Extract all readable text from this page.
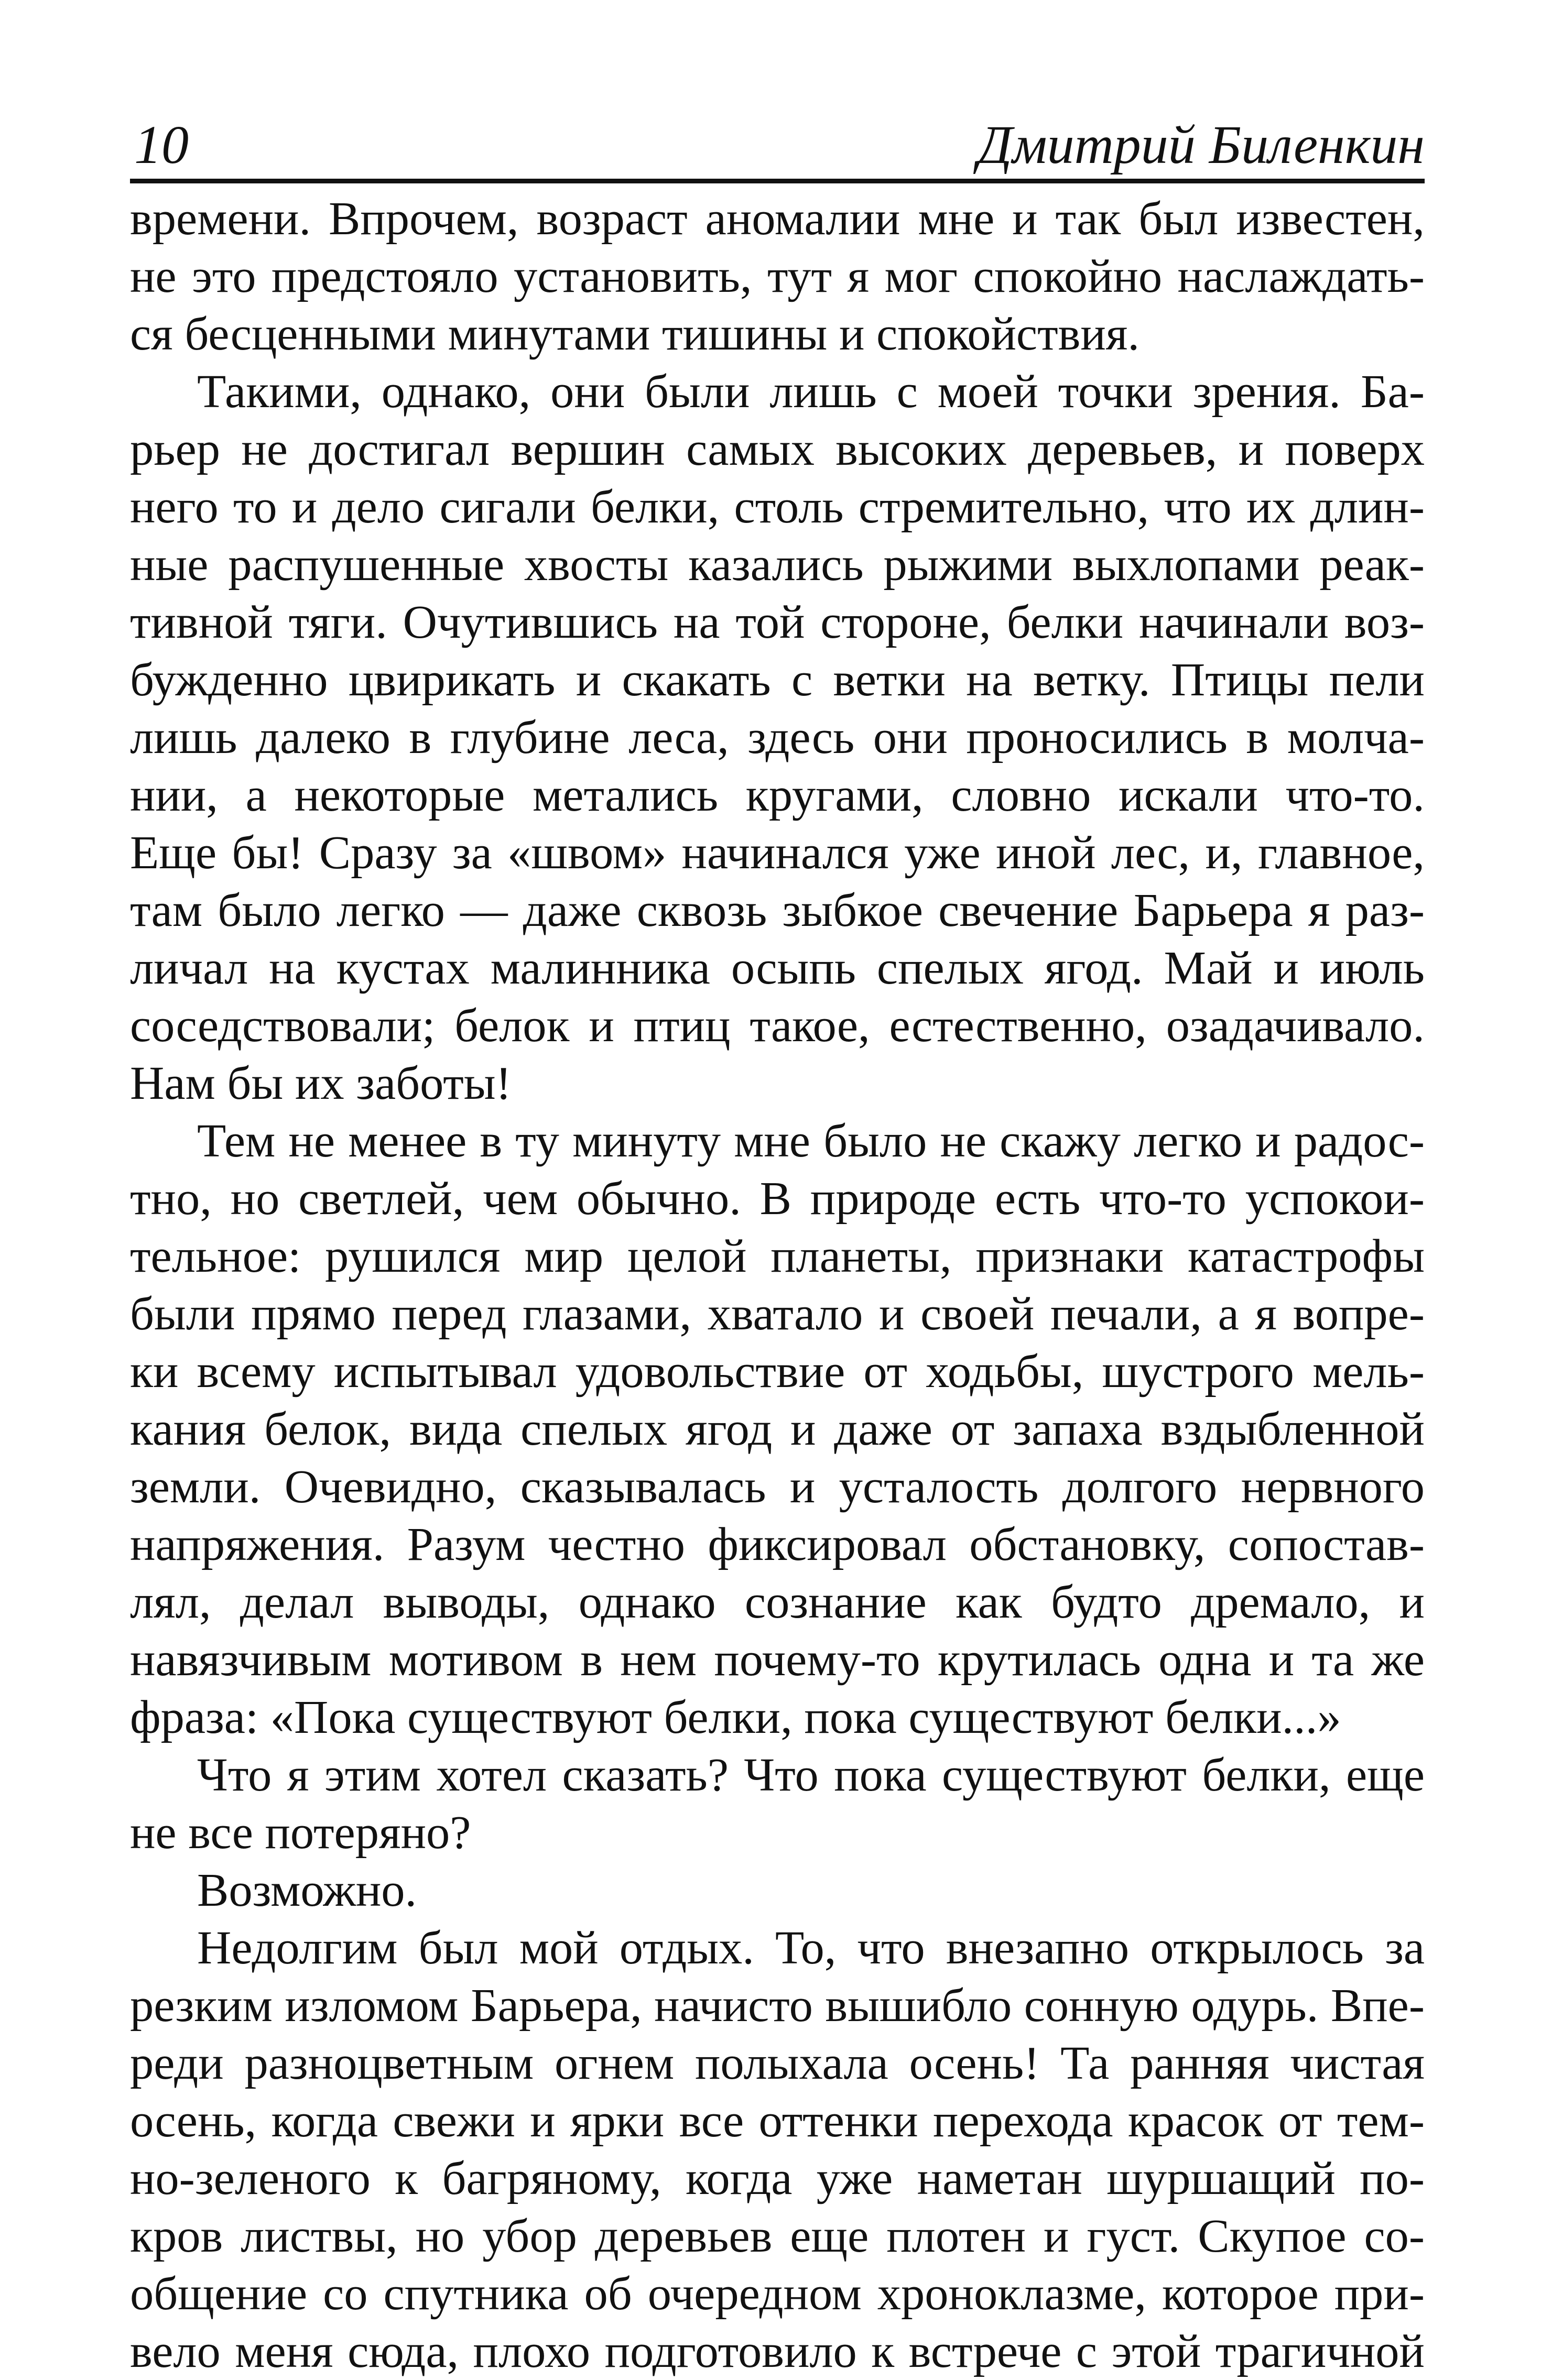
10	Дмитрий Биленкин
времени. Впрочем, возраст аномалии мне и так был известен,
не это предстояло установить, тут я мог спокойно наслаждать-
ся бесценными минутами тишины и спокойствия.
Такими, однако, они были лишь с моей точки зрения. Ба-
рьер не достигал вершин самых высоких деревьев, и поверх
него то и дело сигали белки, столь стремительно, что их длин-
ные распушенные хвосты казались рыжими выхлопами реак-
тивной тяги. Очутившись на той стороне, белки начинали воз-
бужденно цвирикать и скакать с ветки на ветку. Птицы пели
лишь далеко в глубине леса, здесь они проносились в молча-
нии, а некоторые метались кругами, словно искали что-то.
Еще бы! Сразу за «швом» начинался уже иной лес, и, главное,
там было легко — даже сквозь зыбкое свечение Барьера я раз-
личал на кустах малинника осыпь спелых ягод. Май и июль
соседствовали; белок и птиц такое, естественно, озадачивало.
Нам бы их заботы!
Тем не менее в ту минуту мне было не скажу легко и радос-
тно, но светлей, чем обычно. В природе есть что-то успокои-
тельное: рушился мир целой планеты, признаки катастрофы
были прямо перед глазами, хватало и своей печали, а я вопре-
ки всему испытывал удовольствие от ходьбы, шустрого мель-
кания белок, вида спелых ягод и даже от запаха вздыбленной
земли. Очевидно, сказывалась и усталость долгого нервного
напряжения. Разум честно фиксировал обстановку, сопостав-
лял, делал выводы, однако сознание как будто дремало, и
навязчивым мотивом в нем почему-то крутилась одна и та же
фраза: «Пока существуют белки, пока существуют белки...»
Что я этим хотел сказать? Что пока существуют белки, еще
не все потеряно?
Возможно.
Недолгим был мой отдых. То, что внезапно открылось за
резким изломом Барьера, начисто вышибло сонную одурь. Впе-
реди разноцветным огнем полыхала осень! Та ранняя чистая
осень, когда свежи и ярки все оттенки перехода красок от тем-
но-зеленого к багряному, когда уже наметан шуршащий по-
кров листвы, но убор деревьев еще плотен и густ. Скупое со-
общение со спутника об очередном хроноклазме, которое при-
вело меня сюда, плохо подготовило к встрече с этой трагичной
